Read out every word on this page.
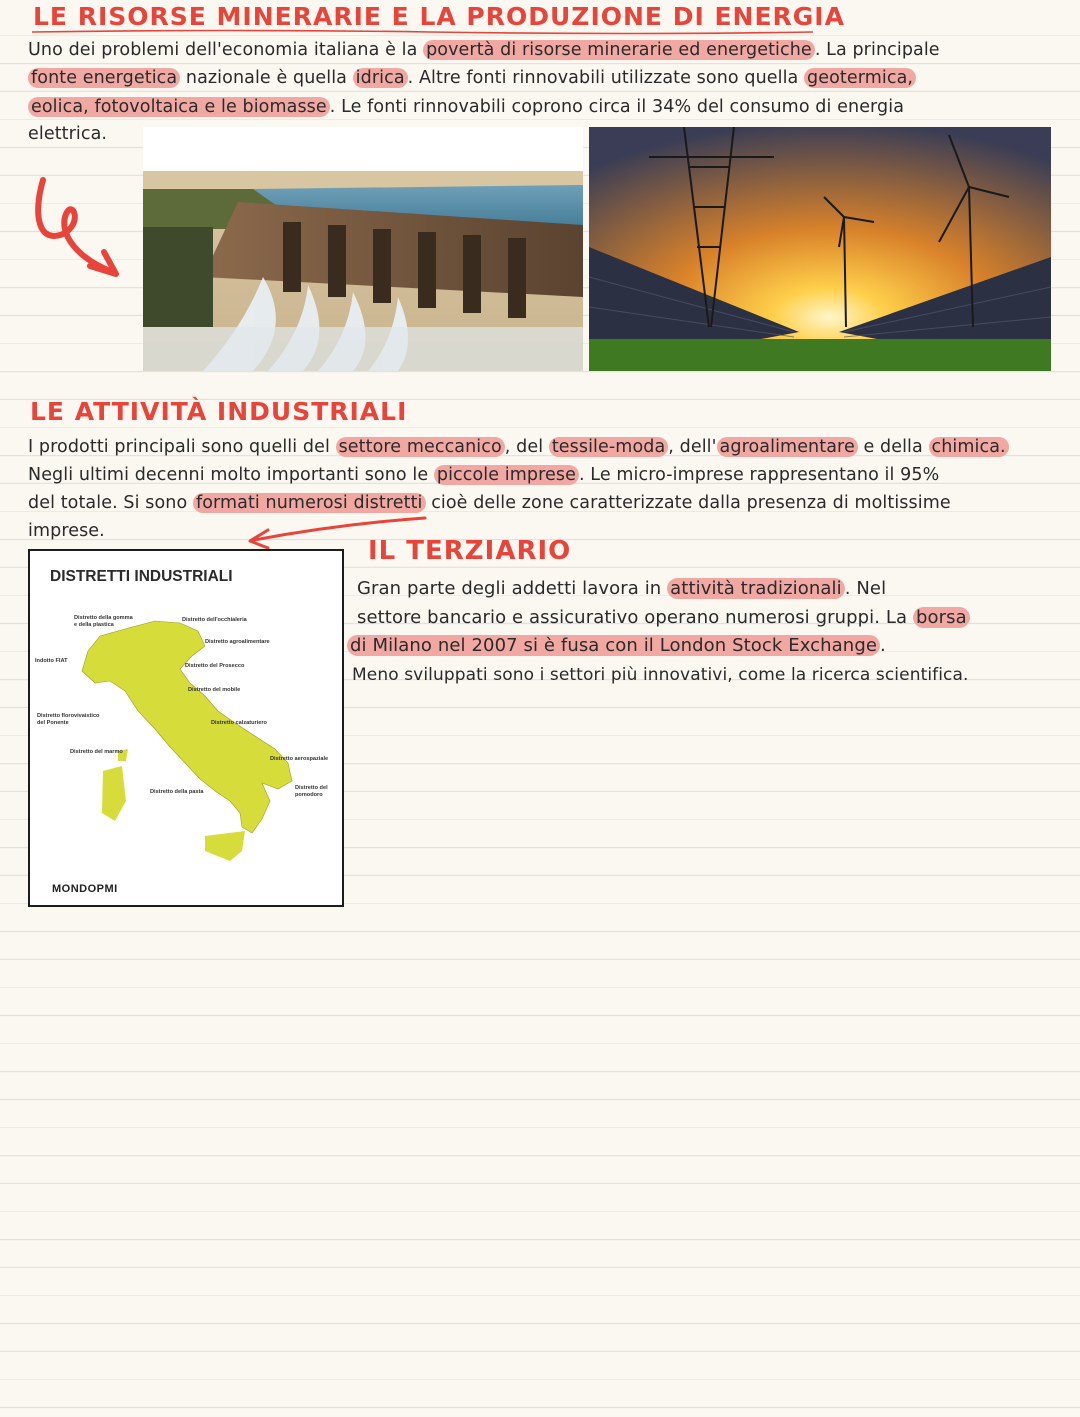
LE RISORSE MINERARIE E LA PRODUZIONE DI ENERGIA
Uno dei problemi dell'economia italiana è la povertà di risorse minerarie ed energetiche . La principale
fonte energetica nazionale è quella idrica . Altre fonti rinnovabili utilizzate sono quella geotermica,
eolica, fotovoltaica e le biomasse . Le fonti rinnovabili coprono circa il 34% del consumo di energia
elettrica.
LE ATTIVITÀ INDUSTRIALI
I prodotti principali sono quelli del settore meccanico , del tessile-moda , dell' agroalimentare e della chimica.
Negli ultimi decenni molto importanti sono le piccole imprese . Le micro-imprese rappresentano il 95%
del totale. Si sono formati numerosi distretti cioè delle zone caratterizzate dalla presenza di moltissime
imprese.
IL TERZIARIO
Gran parte degli addetti lavora in attività tradizionali . Nel
settore bancario e assicurativo operano numerosi gruppi. La borsa
di Milano nel 2007 si è fusa con il London Stock Exchange .
Meno sviluppati sono i settori più innovativi, come la ricerca scientifica.
DISTRETTI INDUSTRIALI
Distretto della gomma
e della plastica
Distretto dell'occhialeria
Distretto agroalimentare
Indotto FIAT
Distretto del Prosecco
Distretto del mobile
Distretto florovivaistico
del Ponente	Distretto calzaturiero
Distretto del marmo
Distretto aerospaziale
Distretto della pasta
Distretto del
pomodoro
MONDOPMI
